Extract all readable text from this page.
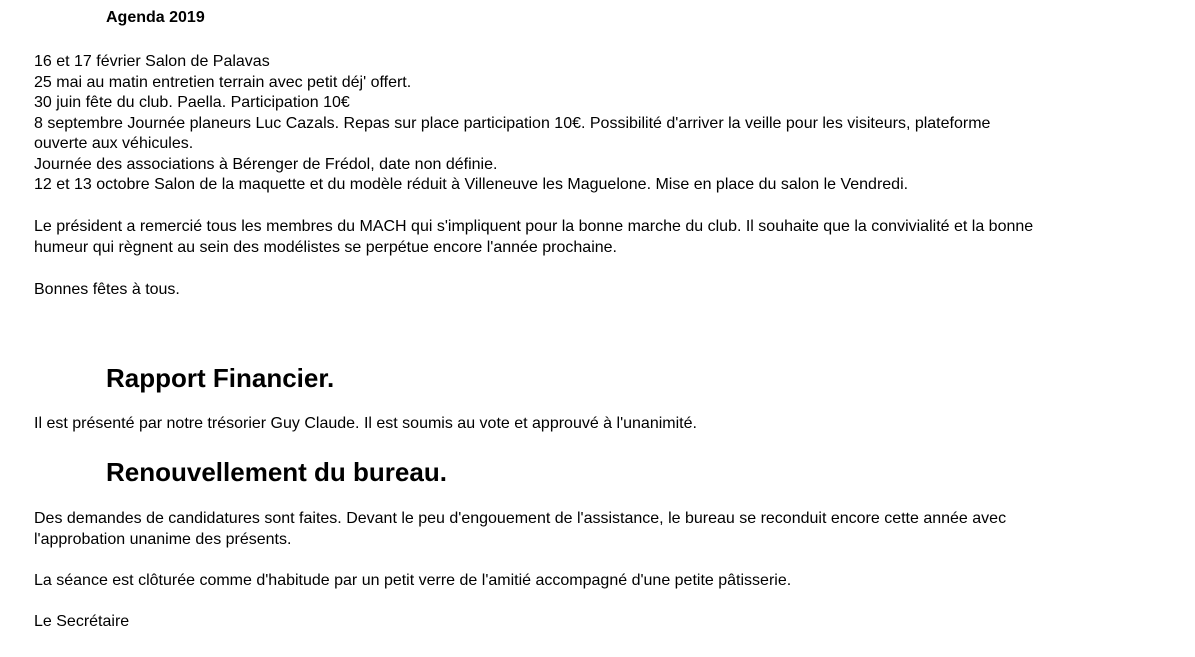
Agenda 2019
16 et 17 février Salon de Palavas
25 mai au matin entretien terrain avec petit déj' offert.
30 juin fête du club. Paella. Participation 10€
8 septembre Journée planeurs Luc Cazals. Repas sur place participation 10€. Possibilité d'arriver la veille pour les visiteurs, plateforme
ouverte aux véhicules.
Journée des associations à Bérenger de Frédol, date non définie.
12 et 13 octobre Salon de la maquette et du modèle réduit à Villeneuve les Maguelone. Mise en place du salon le Vendredi.
Le président a remercié tous les membres du MACH qui s'impliquent pour la bonne marche du club. Il souhaite que la convivialité et la bonne
humeur qui règnent au sein des modélistes se perpétue encore l'année prochaine.
Bonnes fêtes à tous.
Rapport Financier.
Il est présenté par notre trésorier Guy Claude. Il est soumis au vote et approuvé à l'unanimité.
Renouvellement du bureau.
Des demandes de candidatures sont faites. Devant le peu d'engouement de l'assistance, le bureau se reconduit encore cette année avec
l'approbation unanime des présents.
La séance est clôturée comme d'habitude par un petit verre de l'amitié accompagné d'une petite pâtisserie.
Le Secrétaire
